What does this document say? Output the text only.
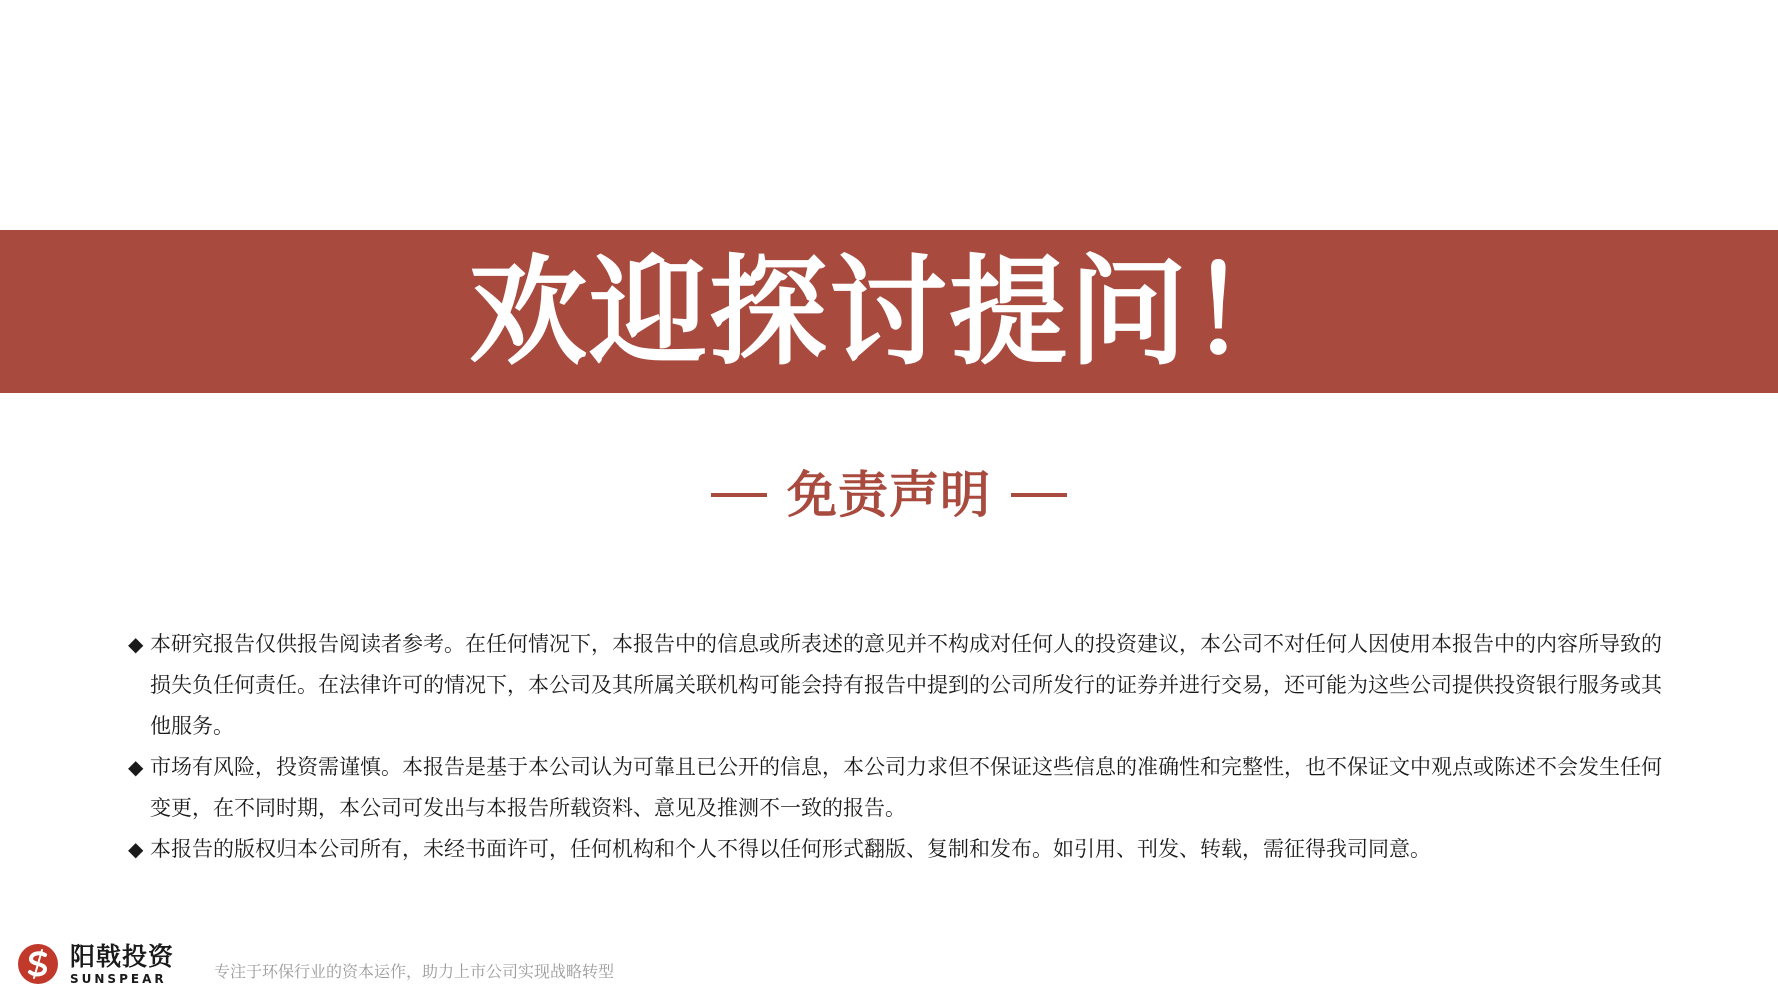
欢迎探讨提问！
免责声明
◆ 本研究报告仅供报告阅读者参考。在任何情况下，本报告中的信息或所表述的意见并不构成对任何人的投资建议，本公司不对任何人因使用本报告中的内容所导致的损失负任何责任。在法律许可的情况下，本公司及其所属关联机构可能会持有报告中提到的公司所发行的证券并进行交易，还可能为这些公司提供投资银行服务或其他服务。
◆ 市场有风险，投资需谨慎。本报告是基于本公司认为可靠且已公开的信息，本公司力求但不保证这些信息的准确性和完整性，也不保证文中观点或陈述不会发生任何变更，在不同时期，本公司可发出与本报告所载资料、意见及推测不一致的报告。
◆ 本报告的版权归本公司所有，未经书面许可，任何机构和个人不得以任何形式翻版、复制和发布。如引用、刊发、转载，需征得我司同意。
阳戟投资
SUNSPEAR	专注于环保行业的资本运作，助力上市公司实现战略转型
